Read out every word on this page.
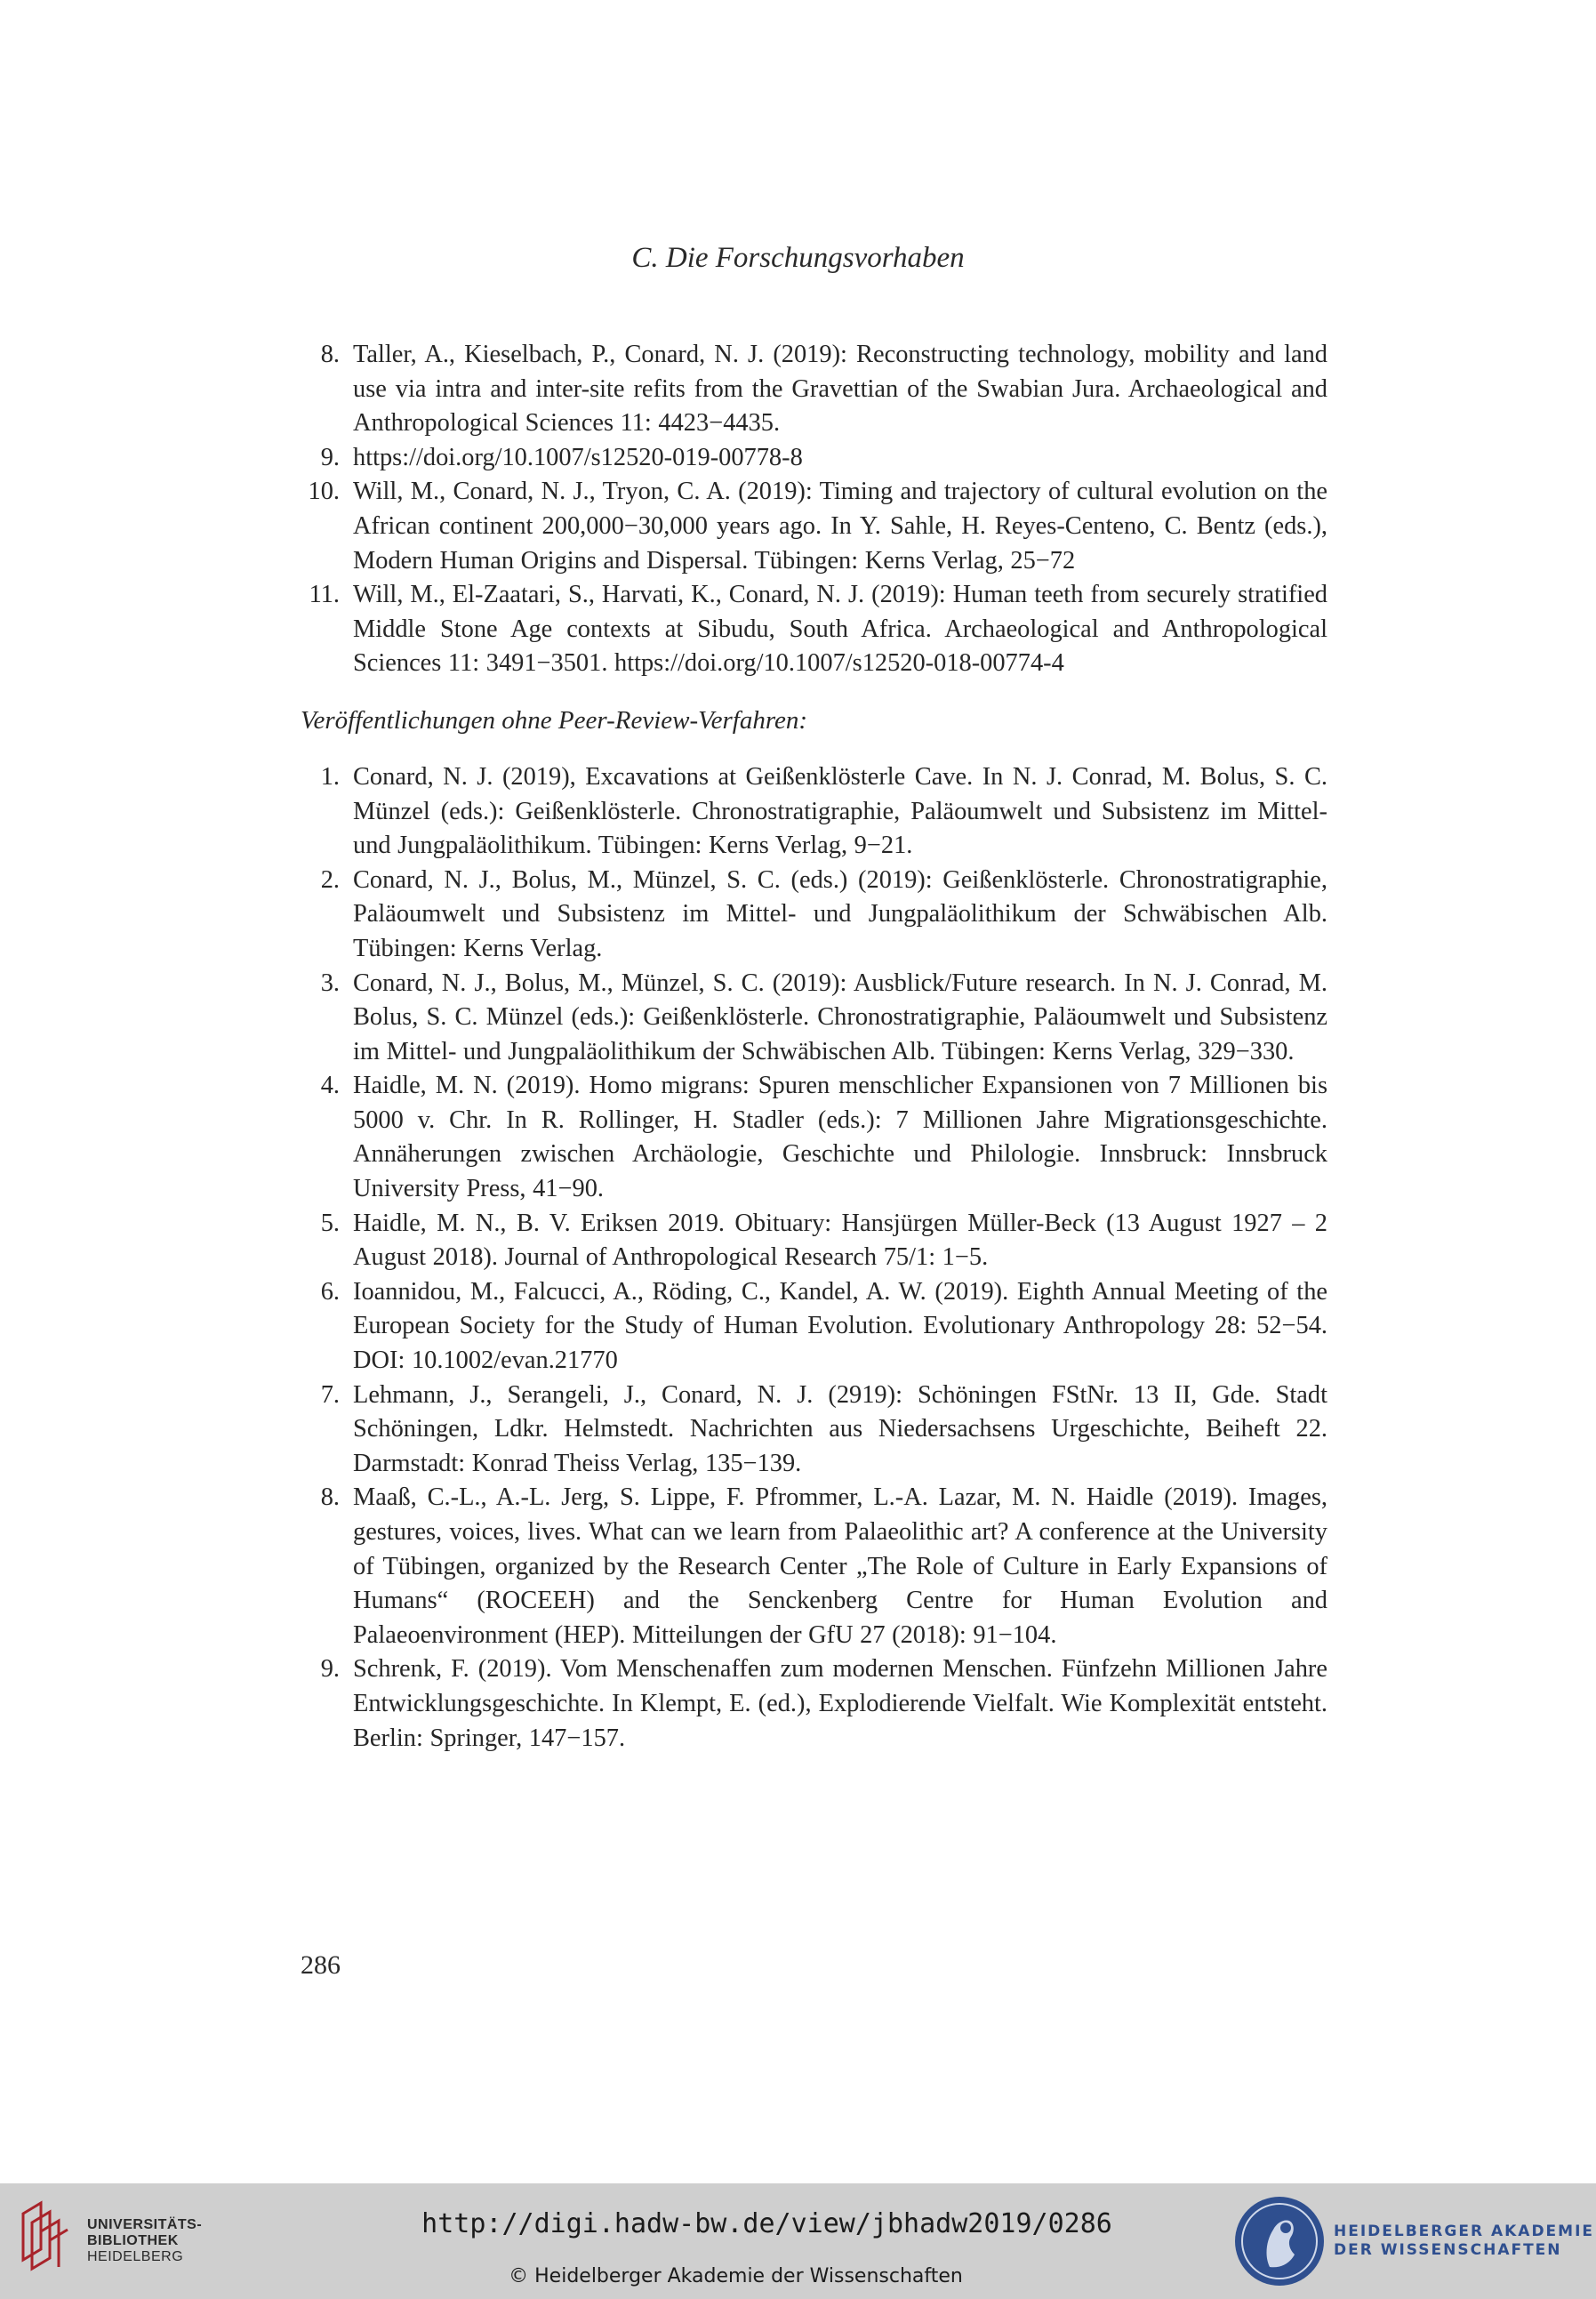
C. Die Forschungsvorhaben
8. Taller, A., Kieselbach, P., Conard, N. J. (2019): Reconstructing technology, mobility and land use via intra and inter-site refits from the Gravettian of the Swabian Jura. Archaeological and Anthropological Sciences 11: 4423−4435.
9. https://doi.org/10.1007/s12520-019-00778-8
10. Will, M., Conard, N. J., Tryon, C. A. (2019): Timing and trajectory of cultural evolution on the African continent 200,000−30,000 years ago. In Y. Sahle, H. Reyes-Centeno, C. Bentz (eds.), Modern Human Origins and Dispersal. Tübingen: Kerns Verlag, 25−72
11. Will, M., El-Zaatari, S., Harvati, K., Conard, N. J. (2019): Human teeth from securely stratified Middle Stone Age contexts at Sibudu, South Africa. Archaeological and Anthropological Sciences 11: 3491−3501. https://doi.org/10.1007/s12520-018-00774-4
Veröffentlichungen ohne Peer-Review-Verfahren:
1. Conard, N. J. (2019), Excavations at Geißenklösterle Cave. In N. J. Conrad, M. Bolus, S. C. Münzel (eds.): Geißenklösterle. Chronostratigraphie, Paläoumwelt und Subsistenz im Mittel- und Jungpaläolithikum. Tübingen: Kerns Verlag, 9−21.
2. Conard, N. J., Bolus, M., Münzel, S. C. (eds.) (2019): Geißenklösterle. Chronostratigraphie, Paläoumwelt und Subsistenz im Mittel- und Jungpaläolithikum der Schwäbischen Alb. Tübingen: Kerns Verlag.
3. Conard, N. J., Bolus, M., Münzel, S. C. (2019): Ausblick/Future research. In N. J. Conrad, M. Bolus, S. C. Münzel (eds.): Geißenklösterle. Chronostratigraphie, Paläoumwelt und Subsistenz im Mittel- und Jungpaläolithikum der Schwäbischen Alb. Tübingen: Kerns Verlag, 329−330.
4. Haidle, M. N. (2019). Homo migrans: Spuren menschlicher Expansionen von 7 Millionen bis 5000 v. Chr. In R. Rollinger, H. Stadler (eds.): 7 Millionen Jahre Migrationsgeschichte. Annäherungen zwischen Archäologie, Geschichte und Philologie. Innsbruck: Innsbruck University Press, 41−90.
5. Haidle, M. N., B. V. Eriksen 2019. Obituary: Hansjürgen Müller-Beck (13 August 1927 – 2 August 2018). Journal of Anthropological Research 75/1: 1−5.
6. Ioannidou, M., Falcucci, A., Röding, C., Kandel, A. W. (2019). Eighth Annual Meeting of the European Society for the Study of Human Evolution. Evolutionary Anthropology 28: 52−54. DOI: 10.1002/evan.21770
7. Lehmann, J., Serangeli, J., Conard, N. J. (2919): Schöningen FStNr. 13 II, Gde. Stadt Schöningen, Ldkr. Helmstedt. Nachrichten aus Niedersachsens Urgeschichte, Beiheft 22. Darmstadt: Konrad Theiss Verlag, 135−139.
8. Maaß, C.-L., A.-L. Jerg, S. Lippe, F. Pfrommer, L.-A. Lazar, M. N. Haidle (2019). Images, gestures, voices, lives. What can we learn from Palaeolithic art? A conference at the University of Tübingen, organized by the Research Center „The Role of Culture in Early Expansions of Humans“ (ROCEEH) and the Senckenberg Centre for Human Evolution and Palaeoenvironment (HEP). Mitteilungen der GfU 27 (2018): 91−104.
9. Schrenk, F. (2019). Vom Menschenaffen zum modernen Menschen. Fünfzehn Millionen Jahre Entwicklungsgeschichte. In Klempt, E. (ed.), Explodierende Vielfalt. Wie Komplexität entsteht. Berlin: Springer, 147−157.
286
UNIVERSITÄTS-
BIBLIOTHEK
HEIDELBERG
http://digi.hadw-bw.de/view/jbhadw2019/0286
© Heidelberger Akademie der Wissenschaften
HEIDELBERGER AKADEMIE
DER WISSENSCHAFTEN
